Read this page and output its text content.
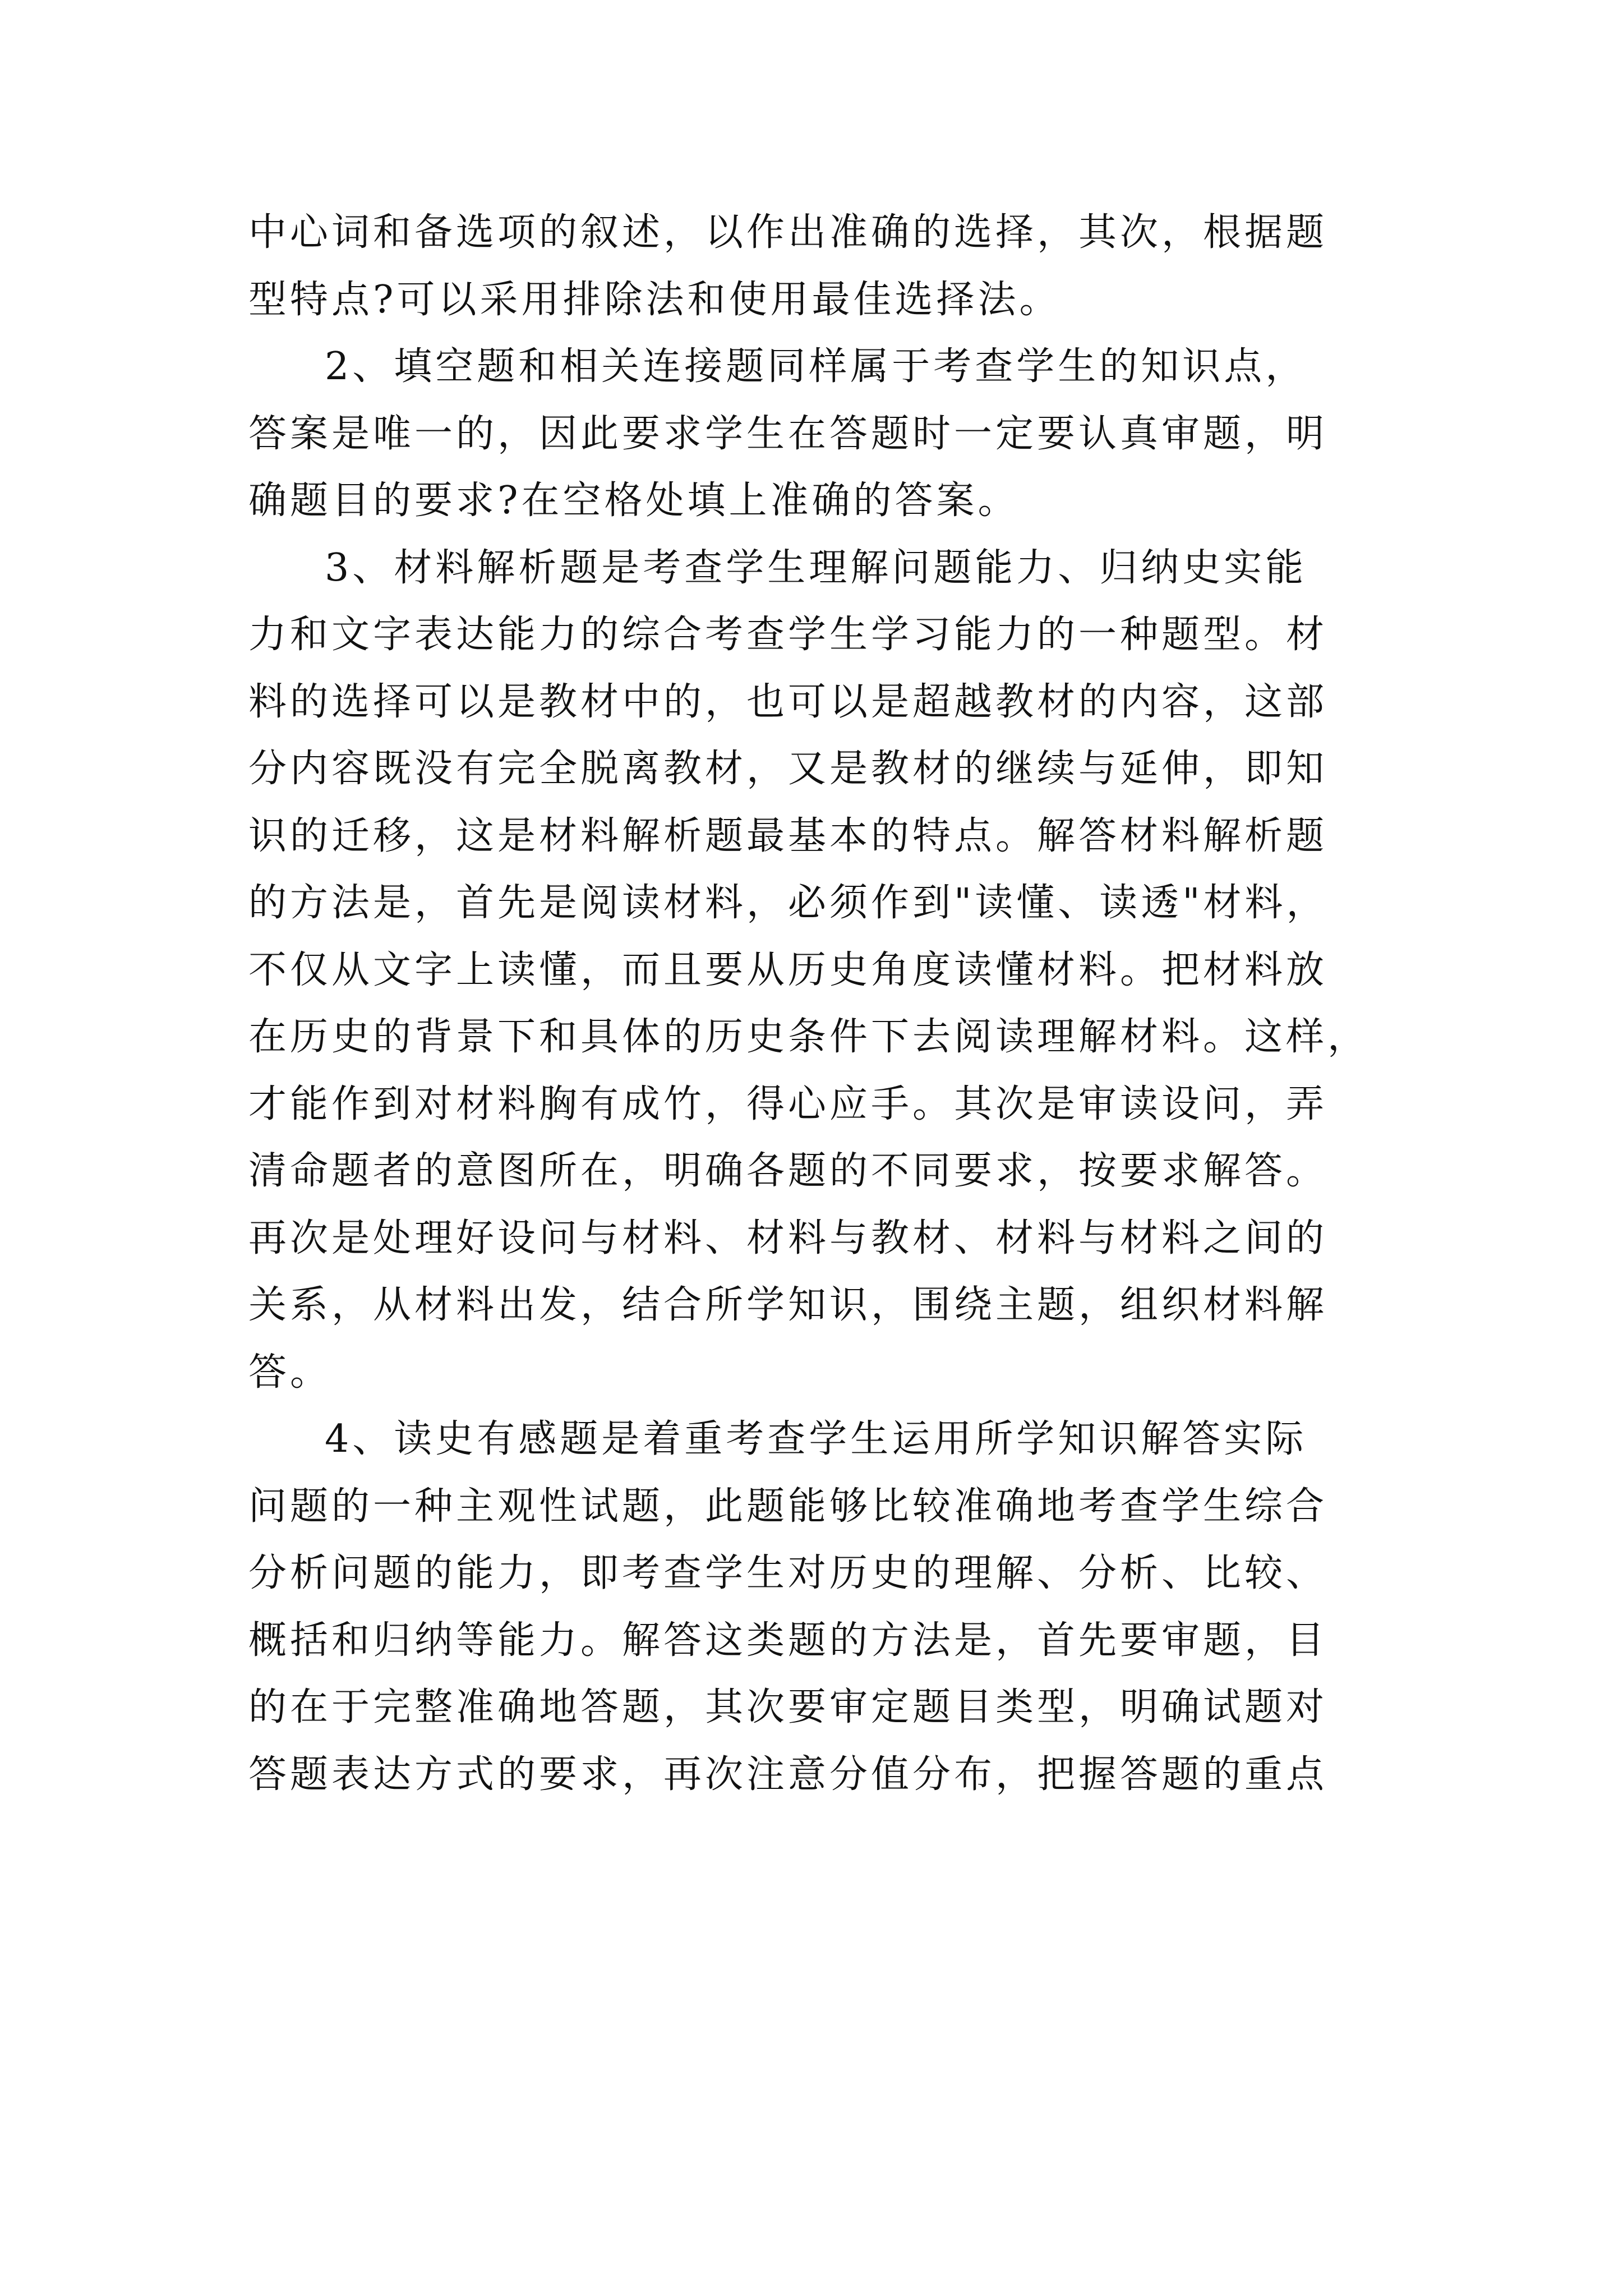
中心词和备选项的叙述，以作出准确的选择，其次，根据题
型特点?可以采用排除法和使用最佳选择法。

2、填空题和相关连接题同样属于考查学生的知识点，
答案是唯一的，因此要求学生在答题时一定要认真审题，明
确题目的要求?在空格处填上准确的答案。

3、材料解析题是考查学生理解问题能力、归纳史实能
力和文字表达能力的综合考查学生学习能力的一种题型。材
料的选择可以是教材中的，也可以是超越教材的内容，这部
分内容既没有完全脱离教材，又是教材的继续与延伸，即知
识的迁移，这是材料解析题最基本的特点。解答材料解析题
的方法是，首先是阅读材料，必须作到"读懂、读透"材料，
不仅从文字上读懂，而且要从历史角度读懂材料。把材料放
在历史的背景下和具体的历史条件下去阅读理解材料。这样，
才能作到对材料胸有成竹，得心应手。其次是审读设问，弄
清命题者的意图所在，明确各题的不同要求，按要求解答。
再次是处理好设问与材料、材料与教材、材料与材料之间的
关系，从材料出发，结合所学知识，围绕主题，组织材料解
答。

4、读史有感题是着重考查学生运用所学知识解答实际
问题的一种主观性试题，此题能够比较准确地考查学生综合
分析问题的能力，即考查学生对历史的理解、分析、比较、
概括和归纳等能力。解答这类题的方法是，首先要审题，目
的在于完整准确地答题，其次要审定题目类型，明确试题对
答题表达方式的要求，再次注意分值分布，把握答题的重点
